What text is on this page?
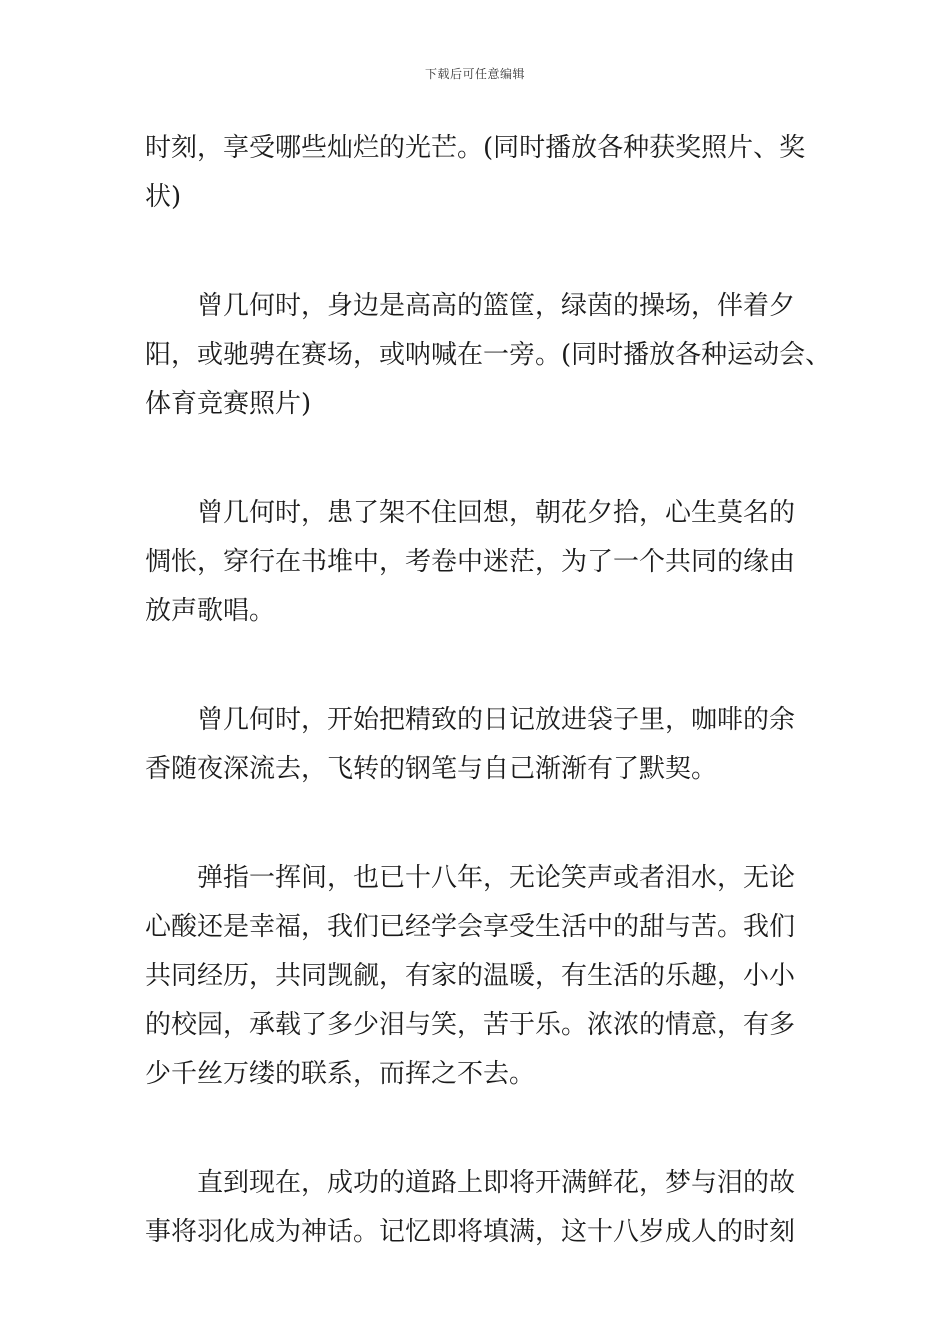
下载后可任意编辑
时刻，享受哪些灿烂的光芒。(同时播放各种获奖照片、奖
状)
曾几何时，身边是高高的篮筐，绿茵的操场，伴着夕
阳，或驰骋在赛场，或呐喊在一旁。(同时播放各种运动会、
体育竞赛照片)
曾几何时，患了架不住回想，朝花夕拾，心生莫名的
惆怅，穿行在书堆中，考卷中迷茫，为了一个共同的缘由
放声歌唱。
曾几何时，开始把精致的日记放进袋子里，咖啡的余
香随夜深流去，飞转的钢笔与自己渐渐有了默契。
弹指一挥间，也已十八年，无论笑声或者泪水，无论
心酸还是幸福，我们已经学会享受生活中的甜与苦。我们
共同经历，共同觊觎，有家的温暖，有生活的乐趣，小小
的校园，承载了多少泪与笑，苦于乐。浓浓的情意，有多
少千丝万缕的联系，而挥之不去。
直到现在，成功的道路上即将开满鲜花，梦与泪的故
事将羽化成为神话。记忆即将填满，这十八岁成人的时刻
